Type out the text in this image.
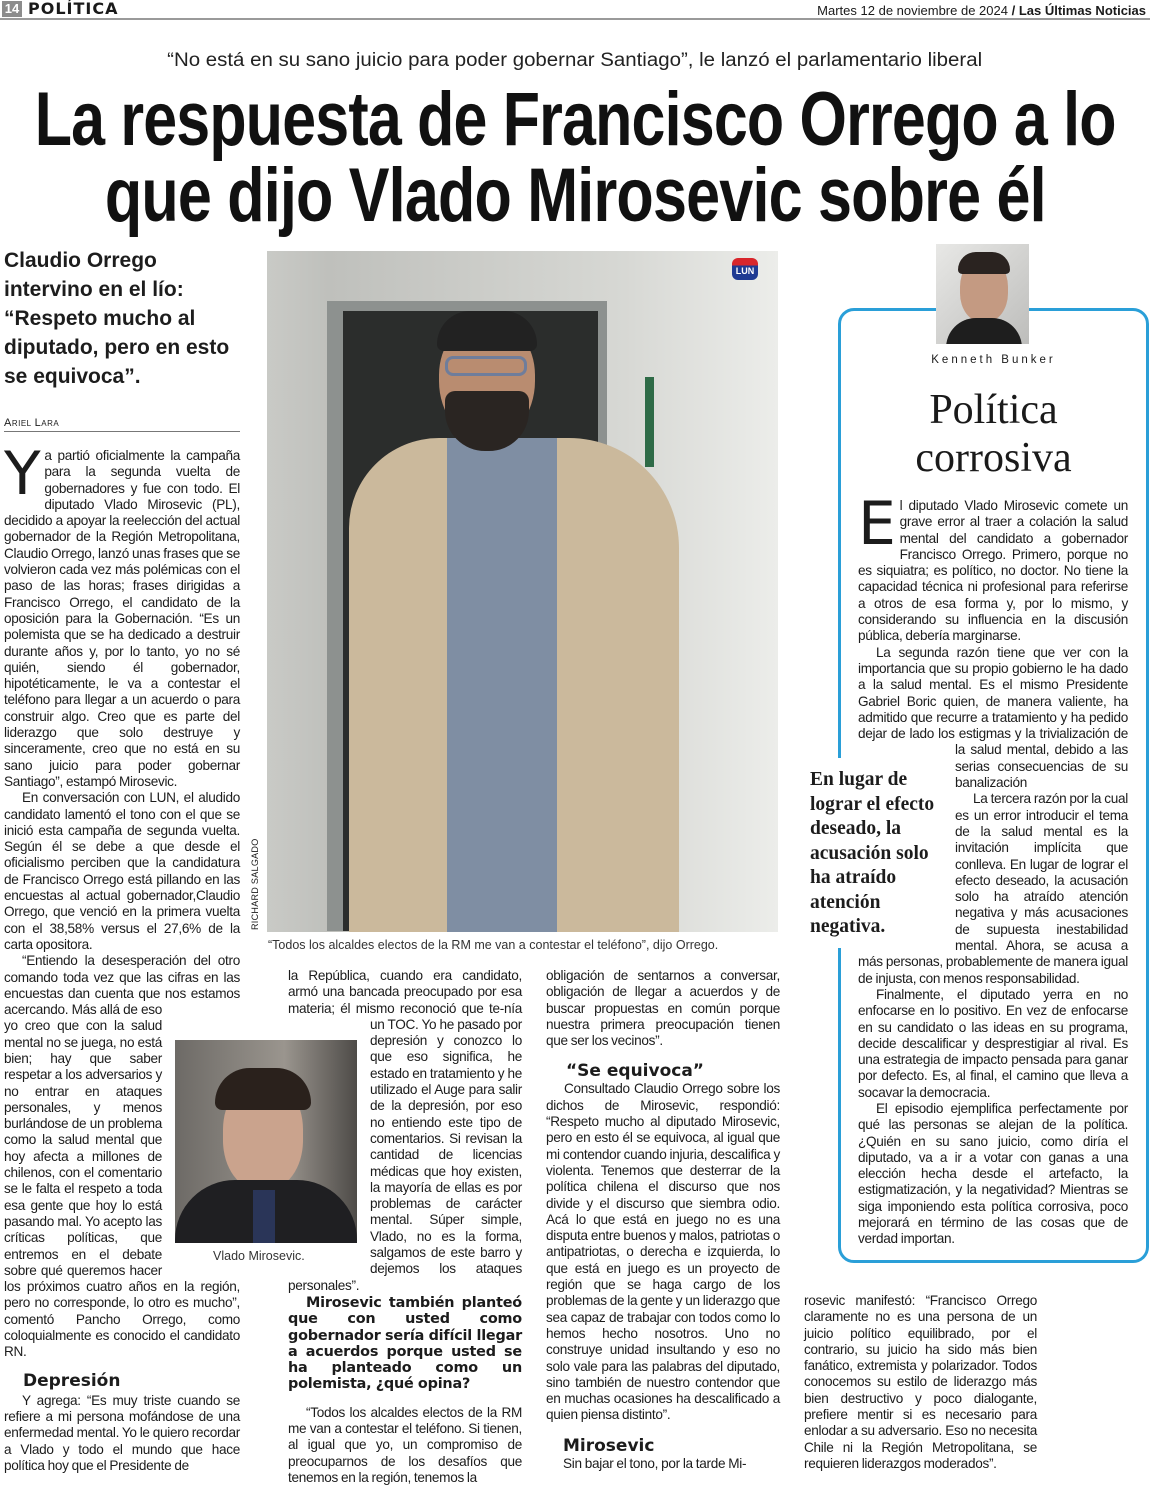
14 POLÍTICA	Martes 12 de noviembre de 2024 / Las Últimas Noticias
“No está en su sano juicio para poder gobernar Santiago”, le lanzó el parlamentario liberal
La respuesta de Francisco Orrego a lo
que dijo Vlado Mirosevic sobre él
Claudio Orrego intervino en el lío: “Respeto mucho al diputado, pero en esto se equivoca”.
Ariel Lara

Ya partió oficialmente la campaña para la segunda vuelta de gobernadores y fue con todo. El diputado Vlado Mirosevic (PL), decidido a apoyar la reelección del actual gobernador de la Región Metropolitana, Claudio Orrego, lanzó unas frases que se volvieron cada vez más polémicas con el paso de las horas; frases dirigidas a Francisco Orrego, el candidato de la oposición para la Gobernación. “Es un polemista que se ha dedicado a destruir durante años y, por lo tanto, yo no sé quién, siendo él gobernador, hipotéticamente, le va a contestar el teléfono para llegar a un acuerdo o para construir algo. Creo que es parte del liderazgo que solo destruye y sinceramente, creo que no está en su sano juicio para poder gobernar Santiago”, estampó Mirosevic.

En conversación con LUN, el aludido candidato lamentó el tono con el que se inició esta campaña de segunda vuelta. Según él se debe a que desde el oficialismo perciben que la candidatura de Francisco Orrego está pillando en las encuestas al actual gobernador,Claudio Orrego, que venció en la primera vuelta con el 38,58% versus el 27,6% de la carta opositora.

“Entiendo la desesperación del otro comando toda vez que las cifras en las encuestas dan cuenta que nos estamos acercando. Más allá de eso yo creo que con la salud mental no se juega, no está bien; hay que saber respetar a los adversarios y no entrar en ataques personales, y menos burlándose de un problema como la salud mental que hoy afecta a millones de chilenos, con el comentario se le falta el respeto a toda esa gente que hoy lo está pasando mal. Yo acepto las críticas políticas, que entremos en el debate sobre qué queremos hacer los próximos cuatro años en la región, pero no corresponde, lo otro es mucho”, comentó Pancho Orrego, como coloquialmente es conocido el candidato RN.

Depresión

Y agrega: “Es muy triste cuando se refiere a mi persona mofándose de una enfermedad mental. Yo le quiero recordar a Vlado y todo el mundo que hace política hoy que el Presidente de

LUN
RICHARD SALGADO
“Todos los alcaldes electos de la RM me van a contestar el teléfono”, dijo Orrego.

la República, cuando era candidato, armó una bancada preocupado por esa materia; él mismo reconoció que te-nía un TOC. Yo he pasado por depresión y conozco lo que eso significa, he estado en tratamiento y he utilizado el Auge para salir de la depresión, por eso no entiendo este tipo de comentarios. Si revisan la cantidad de licencias médicas que hoy existen, la mayoría de ellas es por problemas de carácter mental. Súper simple, Vlado, no es la forma, salgamos de este barro y dejemos los ataques personales”.

Mirosevic también planteó que con usted como gobernador sería difícil llegar a acuerdos porque usted se ha planteado como un polemista, ¿qué opina?

“Todos los alcaldes electos de la RM me van a contestar el teléfono. Si tienen, al igual que yo, un compromiso de preocuparnos de los desafíos que tenemos en la región, tenemos la

Vlado Mirosevic.

obligación de sentarnos a conversar, obligación de llegar a acuerdos y de buscar propuestas en común porque nuestra primera preocupación tienen que ser los vecinos”.

“Se equivoca”

Consultado Claudio Orrego sobre los dichos de Mirosevic, respondió: “Respeto mucho al diputado Mirosevic, pero en esto él se equivoca, al igual que mi contendor cuando injuria, descalifica y violenta. Tenemos que desterrar de la política chilena el discurso que nos divide y el discurso que siembra odio. Acá lo que está en juego no es una disputa entre buenos y malos, patriotas o antipatriotas, o derecha e izquierda, lo que está en juego es un proyecto de región que se haga cargo de los problemas de la gente y un liderazgo que sea capaz de trabajar con todos como lo hemos hecho nosotros. Uno no construye unidad insultando y eso no solo vale para las palabras del diputado, sino también de nuestro contendor que en muchas ocasiones ha descalificado a quien piensa distinto”.

Mirosevic

Sin bajar el tono, por la tarde Mi-

rosevic manifestó: “Francisco Orrego claramente no es una persona de un juicio político equilibrado, por el contrario, su juicio ha sido más bien fanático, extremista y polarizador. Todos conocemos su estilo de liderazgo más bien destructivo y poco dialogante, prefiere mentir si es necesario para enlodar a su adversario. Eso no necesita Chile ni la Región Metropolitana, se requieren liderazgos moderados”.

Kenneth Bunker
Política
corrosiva

E
En lugar de lograr el efecto deseado, la acusación solo ha atraído atención negativa.
l diputado Vlado Mirosevic comete un grave error al traer a colación la salud mental del candidato a gobernador Francisco Orrego. Primero, porque no es siquiatra; es político, no doctor. No tiene la capacidad técnica ni profesional para referirse a otros de esa forma y, por lo mismo, y considerando su influencia en la discusión pública, debería marginarse.

La segunda razón tiene que ver con la importancia que su propio gobierno le ha dado a la salud mental. Es el mismo Presidente Gabriel Boric quien, de manera valiente, ha admitido que recurre a tratamiento y ha pedido dejar de lado los estigmas y la trivialización de la salud mental, debido a las serias consecuencias de su banalización

La tercera razón por la cual es un error introducir el tema de la salud mental es la invitación implícita que conlleva. En lugar de lograr el efecto deseado, la acusación solo ha atraído atención negativa y más acusaciones de supuesta inestabilidad mental. Ahora, se acusa a más personas, probablemente de manera igual de injusta, con menos responsabilidad.

Finalmente, el diputado yerra en no enfocarse en lo positivo. En vez de enfocarse en su candidato o las ideas en su programa, decide descalificar y desprestigiar al rival. Es una estrategia de impacto pensada para ganar por defecto. Es, al final, el camino que lleva a socavar la democracia.

El episodio ejemplifica perfectamente por qué las personas se alejan de la política. ¿Quién en su sano juicio, como diría el diputado, va a ir a votar con ganas a una elección hecha desde el artefacto, la estigmatización, y la negatividad? Mientras se siga imponiendo esta política corrosiva, poco mejorará en término de las cosas que de verdad importan.
